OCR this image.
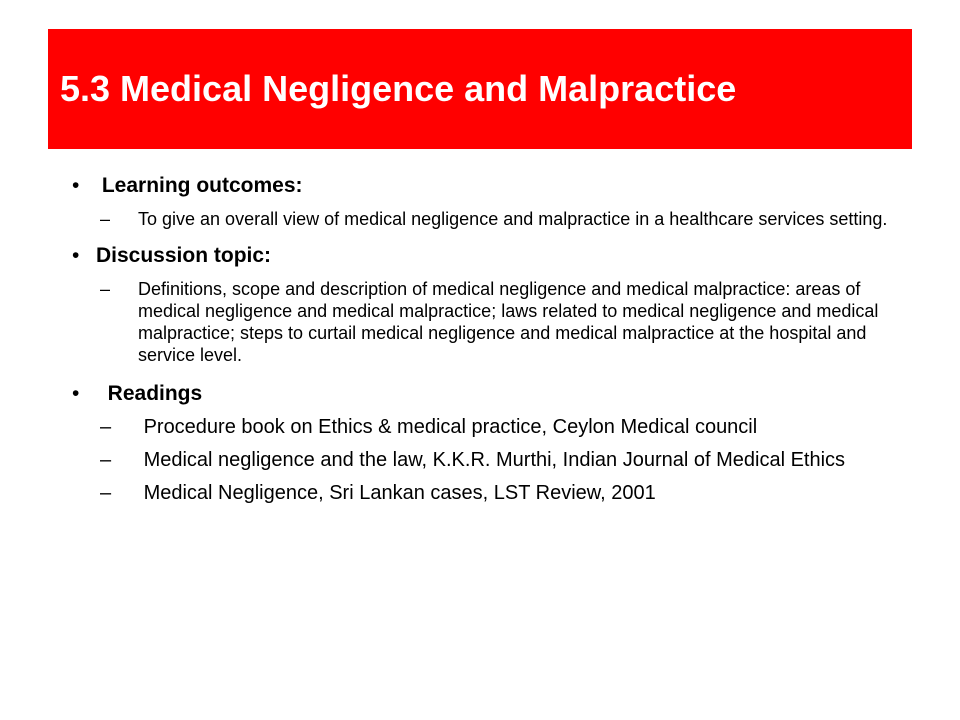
5.3 Medical Negligence and Malpractice
• Learning outcomes:
– To give an overall view of medical negligence and malpractice in a healthcare services setting.
• Discussion topic:
– Definitions, scope and description of medical negligence and medical malpractice: areas of medical negligence and medical malpractice; laws related to medical negligence and medical malpractice; steps to curtail medical negligence and medical malpractice at the hospital and service level.
• Readings
– Procedure book on Ethics & medical practice, Ceylon Medical council
– Medical negligence and the law, K.K.R. Murthi, Indian Journal of Medical Ethics
– Medical Negligence, Sri Lankan cases, LST Review, 2001
